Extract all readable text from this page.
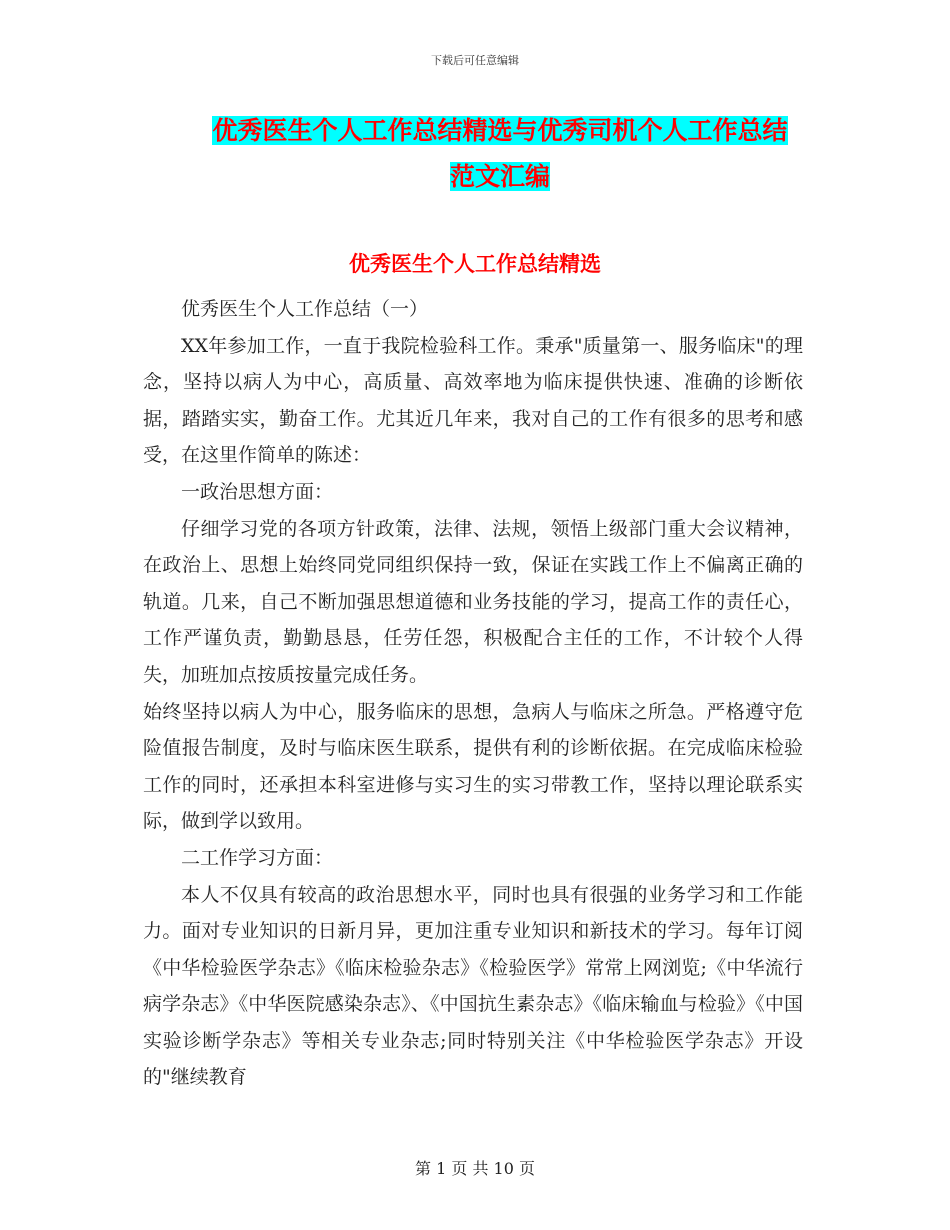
下载后可任意编辑
优秀医生个人工作总结精选与优秀司机个人工作总结
范文汇编
优秀医生个人工作总结精选

优秀医生个人工作总结（一）

XX年参加工作，一直于我院检验科工作。秉承"质量第一、服务临床"的理念，坚持以病人为中心，高质量、高效率地为临床提供快速、准确的诊断依据，踏踏实实，勤奋工作。尤其近几年来，我对自己的工作有很多的思考和感受，在这里作简单的陈述：

一政治思想方面：

仔细学习党的各项方针政策，法律、法规，领悟上级部门重大会议精神，在政治上、思想上始终同党同组织保持一致，保证在实践工作上不偏离正确的轨道。几来，自己不断加强思想道德和业务技能的学习，提高工作的责任心，工作严谨负责，勤勤恳恳，任劳任怨，积极配合主任的工作，不计较个人得失，加班加点按质按量完成任务。

始终坚持以病人为中心，服务临床的思想，急病人与临床之所急。严格遵守危险值报告制度，及时与临床医生联系，提供有利的诊断依据。在完成临床检验工作的同时，还承担本科室进修与实习生的实习带教工作，坚持以理论联系实际，做到学以致用。

二工作学习方面：

本人不仅具有较高的政治思想水平，同时也具有很强的业务学习和工作能力。面对专业知识的日新月异，更加注重专业知识和新技术的学习。每年订阅《中华检验医学杂志》《临床检验杂志》《检验医学》常常上网浏览;《中华流行病学杂志》《中华医院感染杂志》、《中国抗生素杂志》《临床输血与检验》《中国实验诊断学杂志》等相关专业杂志;同时特别关注《中华检验医学杂志》开设的"继续教育

第 1 页 共 10 页
